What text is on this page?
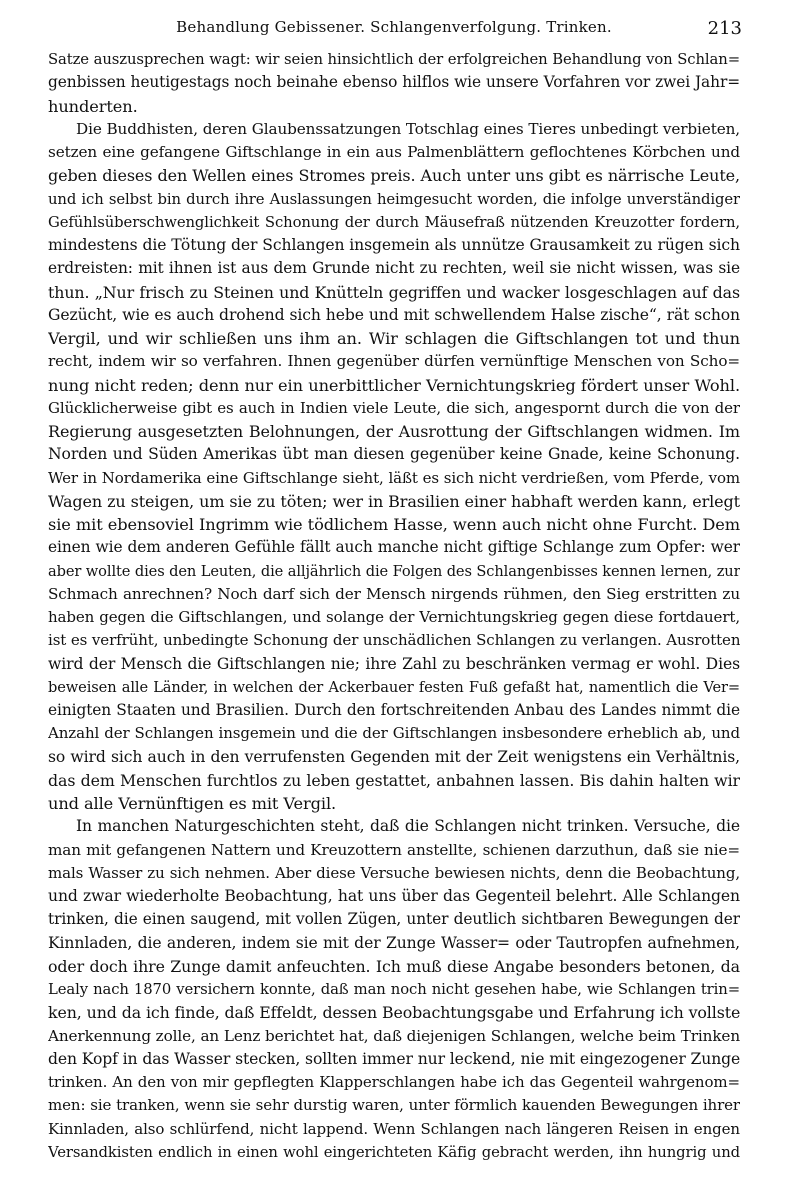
Behandlung Gebissener. Schlangenverfolgung. Trinken.	213
Satze auszusprechen wagt: wir seien hinsichtlich der erfolgreichen Behandlung von Schlan=
genbissen heutigestags noch beinahe ebenso hilflos wie unsere Vorfahren vor zwei Jahr=
hunderten.
Die Buddhisten, deren Glaubenssatzungen Totschlag eines Tieres unbedingt verbieten,
setzen eine gefangene Giftschlange in ein aus Palmenblättern geflochtenes Körbchen und
geben dieses den Wellen eines Stromes preis. Auch unter uns gibt es närrische Leute,
und ich selbst bin durch ihre Auslassungen heimgesucht worden, die infolge unverständiger
Gefühlsüberschwenglichkeit Schonung der durch Mäusefraß nützenden Kreuzotter fordern,
mindestens die Tötung der Schlangen insgemein als unnütze Grausamkeit zu rügen sich
erdreisten: mit ihnen ist aus dem Grunde nicht zu rechten, weil sie nicht wissen, was sie
thun. „Nur frisch zu Steinen und Knütteln gegriffen und wacker losgeschlagen auf das
Gezücht, wie es auch drohend sich hebe und mit schwellendem Halse zische“, rät schon
Vergil, und wir schließen uns ihm an. Wir schlagen die Giftschlangen tot und thun
recht, indem wir so verfahren. Ihnen gegenüber dürfen vernünftige Menschen von Scho=
nung nicht reden; denn nur ein unerbittlicher Vernichtungskrieg fördert unser Wohl.
Glücklicherweise gibt es auch in Indien viele Leute, die sich, angespornt durch die von der
Regierung ausgesetzten Belohnungen, der Ausrottung der Giftschlangen widmen. Im
Norden und Süden Amerikas übt man diesen gegenüber keine Gnade, keine Schonung.
Wer in Nordamerika eine Giftschlange sieht, läßt es sich nicht verdrießen, vom Pferde, vom
Wagen zu steigen, um sie zu töten; wer in Brasilien einer habhaft werden kann, erlegt
sie mit ebensoviel Ingrimm wie tödlichem Hasse, wenn auch nicht ohne Furcht. Dem
einen wie dem anderen Gefühle fällt auch manche nicht giftige Schlange zum Opfer: wer
aber wollte dies den Leuten, die alljährlich die Folgen des Schlangenbisses kennen lernen, zur
Schmach anrechnen? Noch darf sich der Mensch nirgends rühmen, den Sieg erstritten zu
haben gegen die Giftschlangen, und solange der Vernichtungskrieg gegen diese fortdauert,
ist es verfrüht, unbedingte Schonung der unschädlichen Schlangen zu verlangen. Ausrotten
wird der Mensch die Giftschlangen nie; ihre Zahl zu beschränken vermag er wohl. Dies
beweisen alle Länder, in welchen der Ackerbauer festen Fuß gefaßt hat, namentlich die Ver=
einigten Staaten und Brasilien. Durch den fortschreitenden Anbau des Landes nimmt die
Anzahl der Schlangen insgemein und die der Giftschlangen insbesondere erheblich ab, und
so wird sich auch in den verrufensten Gegenden mit der Zeit wenigstens ein Verhältnis,
das dem Menschen furchtlos zu leben gestattet, anbahnen lassen. Bis dahin halten wir
und alle Vernünftigen es mit Vergil.
In manchen Naturgeschichten steht, daß die Schlangen nicht trinken. Versuche, die
man mit gefangenen Nattern und Kreuzottern anstellte, schienen darzuthun, daß sie nie=
mals Wasser zu sich nehmen. Aber diese Versuche bewiesen nichts, denn die Beobachtung,
und zwar wiederholte Beobachtung, hat uns über das Gegenteil belehrt. Alle Schlangen
trinken, die einen saugend, mit vollen Zügen, unter deutlich sichtbaren Bewegungen der
Kinnladen, die anderen, indem sie mit der Zunge Wasser= oder Tautropfen aufnehmen,
oder doch ihre Zunge damit anfeuchten. Ich muß diese Angabe besonders betonen, da
Lealy nach 1870 versichern konnte, daß man noch nicht gesehen habe, wie Schlangen trin=
ken, und da ich finde, daß Effeldt, dessen Beobachtungsgabe und Erfahrung ich vollste
Anerkennung zolle, an Lenz berichtet hat, daß diejenigen Schlangen, welche beim Trinken
den Kopf in das Wasser stecken, sollten immer nur leckend, nie mit eingezogener Zunge
trinken. An den von mir gepflegten Klapperschlangen habe ich das Gegenteil wahrgenom=
men: sie tranken, wenn sie sehr durstig waren, unter förmlich kauenden Bewegungen ihrer
Kinnladen, also schlürfend, nicht lappend. Wenn Schlangen nach längeren Reisen in engen
Versandkisten endlich in einen wohl eingerichteten Käfig gebracht werden, ihn hungrig und
